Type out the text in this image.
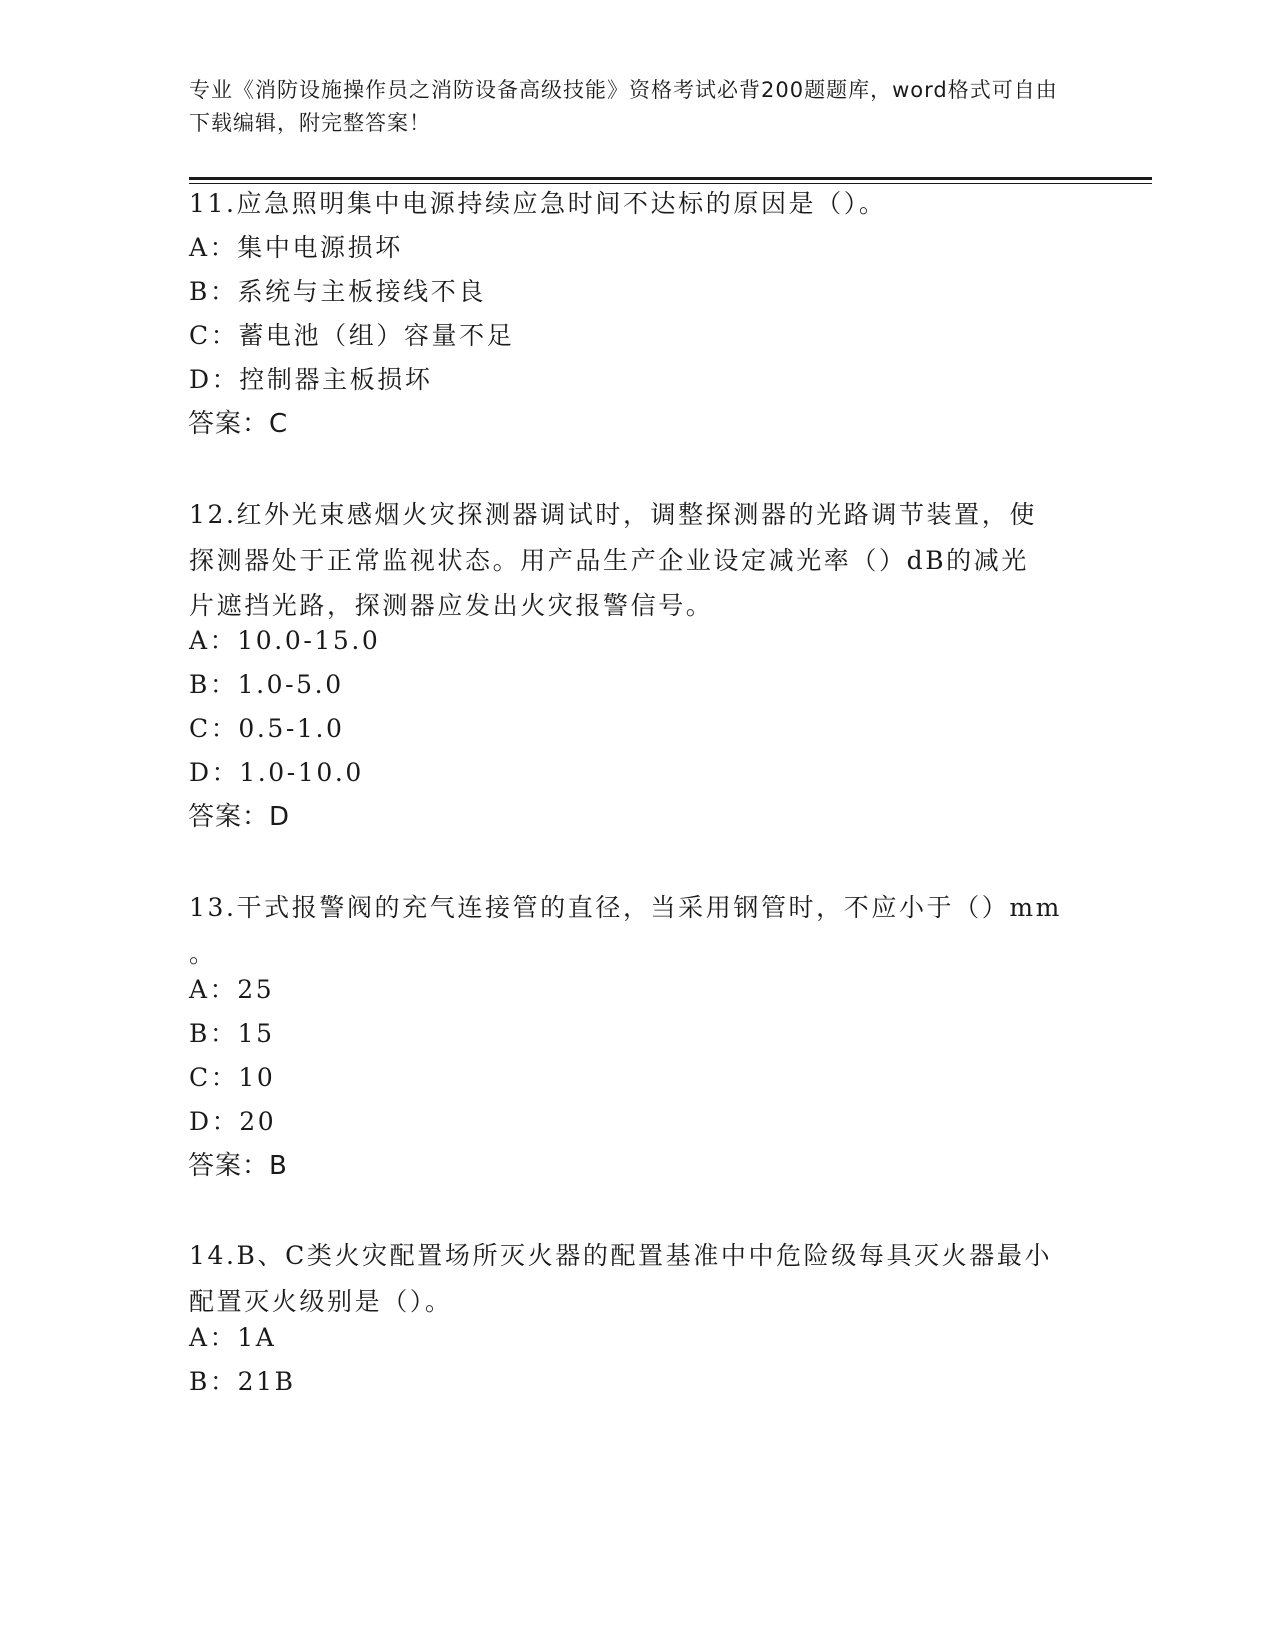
专业《消防设施操作员之消防设备高级技能》资格考试必背200题题库，word格式可自由下载编辑，附完整答案！

11.应急照明集中电源持续应急时间不达标的原因是（）。

A：集中电源损坏

B：系统与主板接线不良

C：蓄电池（组）容量不足

D：控制器主板损坏

答案：C

12.红外光束感烟火灾探测器调试时，调整探测器的光路调节装置，使
探测器处于正常监视状态。用产品生产企业设定减光率（）dB的减光
片遮挡光路，探测器应发出火灾报警信号。

A：10.0-15.0

B：1.0-5.0

C：0.5-1.0

D：1.0-10.0

答案：D

13.干式报警阀的充气连接管的直径，当采用钢管时，不应小于（）mm
。

A：25

B：15

C：10

D：20

答案：B

14.B、C类火灾配置场所灭火器的配置基准中中危险级每具灭火器最小
配置灭火级别是（）。

A：1A

B：21B
